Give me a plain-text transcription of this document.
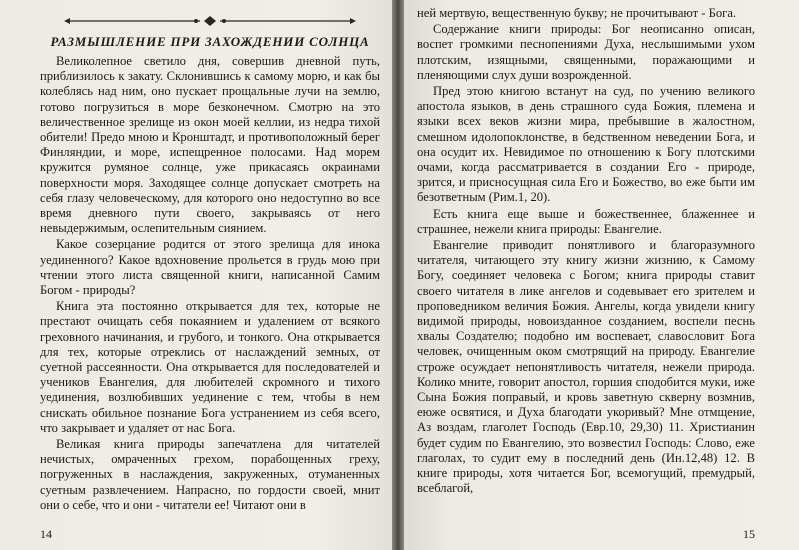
РАЗМЫШЛЕНИЕ ПРИ ЗАХОЖДЕНИИ СОЛНЦА

Великолепное светило дня, совершив дневной путь, приблизилось к закату. Склонившись к самому морю, и как бы колеблясь над ним, оно пускает прощальные лучи на землю, готово погрузиться в море безконечном. Смотрю на это величественное зрелище из окон моей келлии, из недра тихой обители! Предо мною и Кронштадт, и противоположный берег Финляндии, и море, испещренное полосами. Над морем кружится румяное солнце, уже прикасаясь окраинами поверхности моря. Заходящее солнце допускает смотреть на себя глазу человеческому, для которого оно недоступно во все время дневного пути своего, закрываясь от него невыдержимым, ослепительным сиянием.

Какое созерцание родится от этого зрелища для инока уединенного? Какое вдохновение прольется в грудь мою при чтении этого листа священной книги, написанной Самим Богом - природы?

Книга эта постоянно открывается для тех, которые не престают очищать себя покаянием и удалением от всякого греховного начинания, и грубого, и тонкого. Она открывается для тех, которые отреклись от наслаждений земных, от суетной рассеянности. Она открывается для последователей и учеников Евангелия, для любителей скромного и тихого уединения, возлюбивших уединение с тем, чтобы в нем снискать обильное познание Бога устранением из себя всего, что закрывает и удаляет от нас Бога.

Великая книга природы запечатлена для читателей нечистых, омраченных грехом, порабощенных греху, погруженных в наслаждения, закруженных, отуманенных суетным развлечением. Напрасно, по гордости своей, мнит они о себе, что и они - читатели ее! Читают они в

14

ней мертвую, вещественную букву; не прочитывают - Бога.

Содержание книги природы: Бог неописанно описан, воспет громкими песнопениями Духа, неслышимыми ухом плотским, изящными, священными, поражающими и пленяющими слух души возрожденной.

Пред этою книгою встанут на суд, по учению великого апостола языков, в день страшного суда Божия, племена и языки всех веков жизни мира, пребывшие в жалостном, смешном идолопоклонстве, в бедственном неведении Бога, и она осудит их. Невидимое по отношению к Богу плотскими очами, когда рассматривается в создании Его - природе, зрится, и присносущная сила Его и Божество, во еже быти им безответным (Рим.1, 20).

Есть книга еще выше и божественнее, блаженнее и страшнее, нежели книга природы: Евангелие.

Евангелие приводит понятливого и благоразумного читателя, читающего эту книгу жизни жизнию, к Самому Богу, соединяет человека с Богом; книга природы ставит своего читателя в лике ангелов и содевывает его зрителем и проповедником величия Божия. Ангелы, когда увидели книгу видимой природы, новоизданное созданием, воспели песнь хвалы Создателю; подобно им воспевает, славословит Бога человек, очищенным оком смотрящий на природу. Евангелие строже осуждает непонятливость читателя, нежели природа. Колико мните, говорит апостол, горшия сподобится муки, иже Сына Божия поправый, и кровь заветную скверну возмнив, еюже освятися, и Духа благодати укоривый? Мне отмщение, Аз воздам, глаголет Господь (Евр.10, 29,30) 11. Христианин будет судим по Евангелию, это возвестил Господь: Слово, еже глаголах, то судит ему в последний день (Ин.12,48) 12. В книге природы, хотя читается Бог, всемогущий, премудрый, всеблагой,

15
